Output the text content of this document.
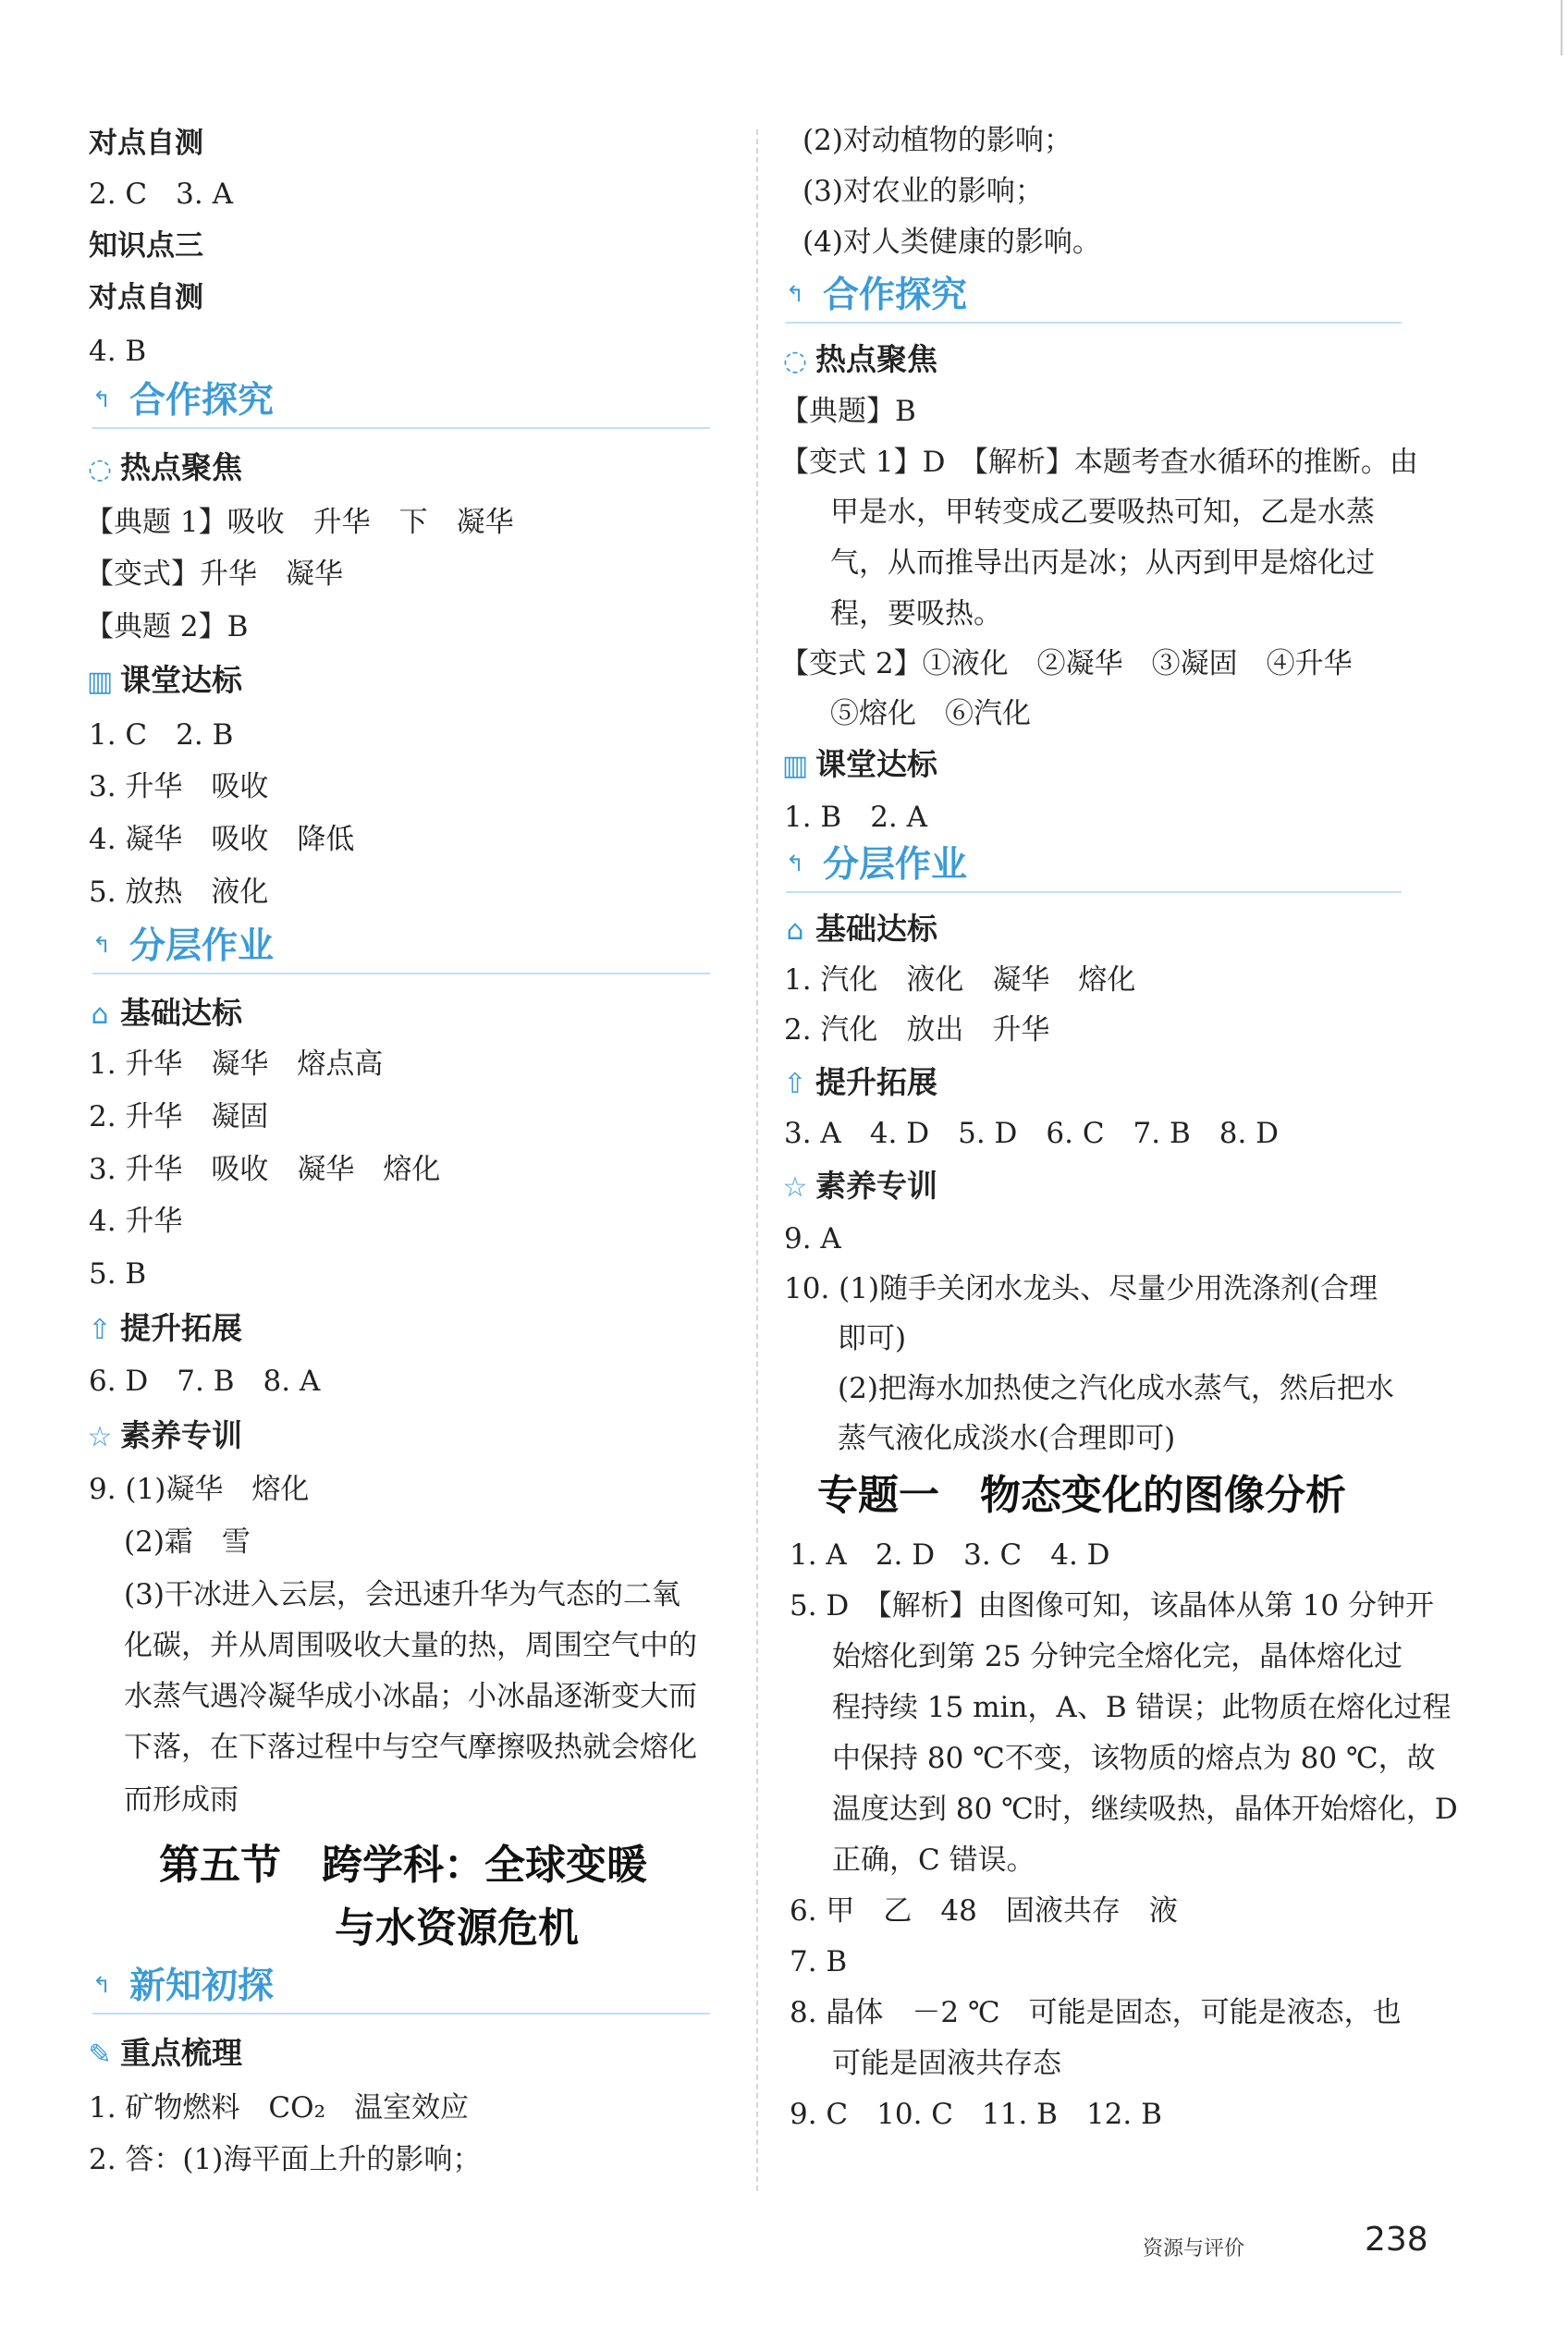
对点自测
2. C　3. A
知识点三
对点自测
4. B
↰ 合作探究
◌ 热点聚焦
【典题 1】吸收　升华　下　凝华
【变式】升华　凝华
【典题 2】B
▥ 课堂达标
1. C　2. B
3. 升华　吸收
4. 凝华　吸收　降低
5. 放热　液化
↰ 分层作业
⌂ 基础达标
1. 升华　凝华　熔点高
2. 升华　凝固
3. 升华　吸收　凝华　熔化
4. 升华
5. B
⇧ 提升拓展
6. D　7. B　8. A
☆ 素养专训
9. (1)凝华　熔化
(2)霜　雪
(3)干冰进入云层，会迅速升华为气态的二氧
化碳，并从周围吸收大量的热，周围空气中的
水蒸气遇冷凝华成小冰晶；小冰晶逐渐变大而
下落，在下落过程中与空气摩擦吸热就会熔化
而形成雨
第五节　跨学科：全球变暖
与水资源危机
↰ 新知初探
✎ 重点梳理
1. 矿物燃料　CO₂　温室效应
2. 答：(1)海平面上升的影响；
(2)对动植物的影响；
(3)对农业的影响；
(4)对人类健康的影响。
↰ 合作探究
◌ 热点聚焦
【典题】B
【变式 1】D　【解析】本题考查水循环的推断。由
甲是水，甲转变成乙要吸热可知，乙是水蒸
气，从而推导出丙是冰；从丙到甲是熔化过
程，要吸热。
【变式 2】①液化　②凝华　③凝固　④升华
⑤熔化　⑥汽化
▥ 课堂达标
1. B　2. A
↰ 分层作业
⌂ 基础达标
1. 汽化　液化　凝华　熔化
2. 汽化　放出　升华
⇧ 提升拓展
3. A　4. D　5. D　6. C　7. B　8. D
☆ 素养专训
9. A
10. (1)随手关闭水龙头、尽量少用洗涤剂(合理
即可)
(2)把海水加热使之汽化成水蒸气，然后把水
蒸气液化成淡水(合理即可)
专题一　物态变化的图像分析
1. A　2. D　3. C　4. D
5. D　【解析】由图像可知，该晶体从第 10 分钟开
始熔化到第 25 分钟完全熔化完，晶体熔化过
程持续 15 min，A、B 错误；此物质在熔化过程
中保持 80 ℃不变，该物质的熔点为 80 ℃，故
温度达到 80 ℃时，继续吸热，晶体开始熔化，D
正确，C 错误。
6. 甲　乙　48　固液共存　液
7. B
8. 晶体　－2 ℃　可能是固态，可能是液态，也
可能是固液共存态
9. C　10. C　11. B　12. B
资源与评价	238
